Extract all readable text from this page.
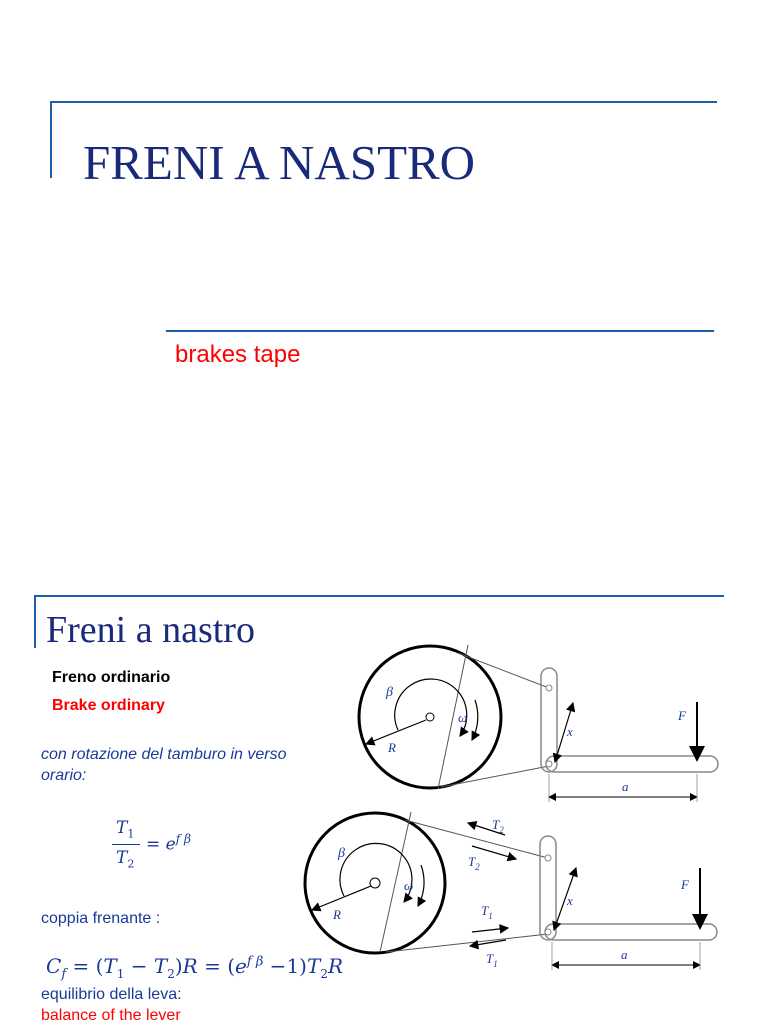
FRENI A NASTRO
brakes tape
Freni a nastro
Freno ordinario
Brake ordinary
con rotazione del tamburo in verso orario:
$T_1$
$T_2$
= $e^{f \beta}$
coppia frenante :
$C_f = (T_1 - T_2)R = (e^{f \beta} -1)T_2R$
equilibrio della leva:
balance of the lever
β
ω
R
x
F
a
β
ω
R
x
F
a
$T_2$
$T_2$
$T_1$
$T_1$
